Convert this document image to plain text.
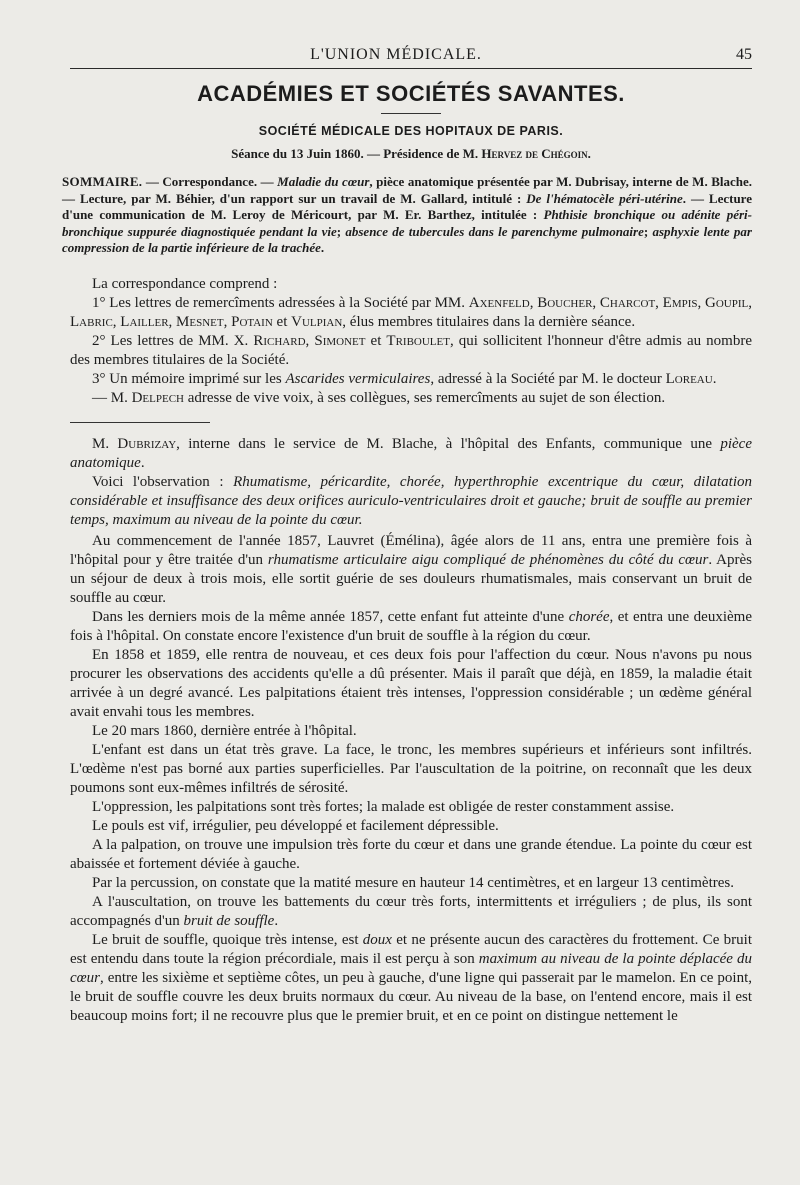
L'UNION MÉDICALE.	45
ACADÉMIES ET SOCIÉTÉS SAVANTES.
SOCIÉTÉ MÉDICALE DES HOPITAUX DE PARIS.
Séance du 13 Juin 1860. — Présidence de M. Hervez de Chégoin.
SOMMAIRE. — Correspondance. — Maladie du cœur, pièce anatomique présentée par M. Dubrisay, interne de M. Blache. — Lecture, par M. Béhier, d'un rapport sur un travail de M. Gallard, intitulé : De l'hématocèle péri-utérine. — Lecture d'une communication de M. Leroy de Méricourt, par M. Er. Barthez, intitulée : Phthisie bronchique ou adénite péri-bronchique suppurée diagnostiquée pendant la vie; absence de tubercules dans le parenchyme pulmonaire; asphyxie lente par compression de la partie inférieure de la trachée.

La correspondance comprend :

1° Les lettres de remercîments adressées à la Société par MM. Axenfeld, Boucher, Charcot, Empis, Goupil, Labric, Lailler, Mesnet, Potain et Vulpian, élus membres titulaires dans la dernière séance.

2° Les lettres de MM. X. Richard, Simonet et Triboulet, qui sollicitent l'honneur d'être admis au nombre des membres titulaires de la Société.

3° Un mémoire imprimé sur les Ascarides vermiculaires, adressé à la Société par M. le docteur Loreau.

— M. Delpech adresse de vive voix, à ses collègues, ses remercîments au sujet de son élection.

M. Dubrizay, interne dans le service de M. Blache, à l'hôpital des Enfants, communique une pièce anatomique.

Voici l'observation : Rhumatisme, péricardite, chorée, hyperthrophie excentrique du cœur, dilatation considérable et insuffisance des deux orifices auriculo-ventriculaires droit et gauche; bruit de souffle au premier temps, maximum au niveau de la pointe du cœur.

Au commencement de l'année 1857, Lauvret (Émélina), âgée alors de 11 ans, entra une première fois à l'hôpital pour y être traitée d'un rhumatisme articulaire aigu compliqué de phénomènes du côté du cœur. Après un séjour de deux à trois mois, elle sortit guérie de ses douleurs rhumatismales, mais conservant un bruit de souffle au cœur.

Dans les derniers mois de la même année 1857, cette enfant fut atteinte d'une chorée, et entra une deuxième fois à l'hôpital. On constate encore l'existence d'un bruit de souffle à la région du cœur.

En 1858 et 1859, elle rentra de nouveau, et ces deux fois pour l'affection du cœur. Nous n'avons pu nous procurer les observations des accidents qu'elle a dû présenter. Mais il paraît que déjà, en 1859, la maladie était arrivée à un degré avancé. Les palpitations étaient très intenses, l'oppression considérable ; un œdème général avait envahi tous les membres.

Le 20 mars 1860, dernière entrée à l'hôpital.

L'enfant est dans un état très grave. La face, le tronc, les membres supérieurs et inférieurs sont infiltrés. L'œdème n'est pas borné aux parties superficielles. Par l'auscultation de la poitrine, on reconnaît que les deux poumons sont eux-mêmes infiltrés de sérosité.

L'oppression, les palpitations sont très fortes; la malade est obligée de rester constamment assise.

Le pouls est vif, irrégulier, peu développé et facilement dépressible.

A la palpation, on trouve une impulsion très forte du cœur et dans une grande étendue. La pointe du cœur est abaissée et fortement déviée à gauche.

Par la percussion, on constate que la matité mesure en hauteur 14 centimètres, et en largeur 13 centimètres.

A l'auscultation, on trouve les battements du cœur très forts, intermittents et irréguliers ; de plus, ils sont accompagnés d'un bruit de souffle.

Le bruit de souffle, quoique très intense, est doux et ne présente aucun des caractères du frottement. Ce bruit est entendu dans toute la région précordiale, mais il est perçu à son maximum au niveau de la pointe déplacée du cœur, entre les sixième et septième côtes, un peu à gauche, d'une ligne qui passerait par le mamelon. En ce point, le bruit de souffle couvre les deux bruits normaux du cœur. Au niveau de la base, on l'entend encore, mais il est beaucoup moins fort; il ne recouvre plus que le premier bruit, et en ce point on distingue nettement le
